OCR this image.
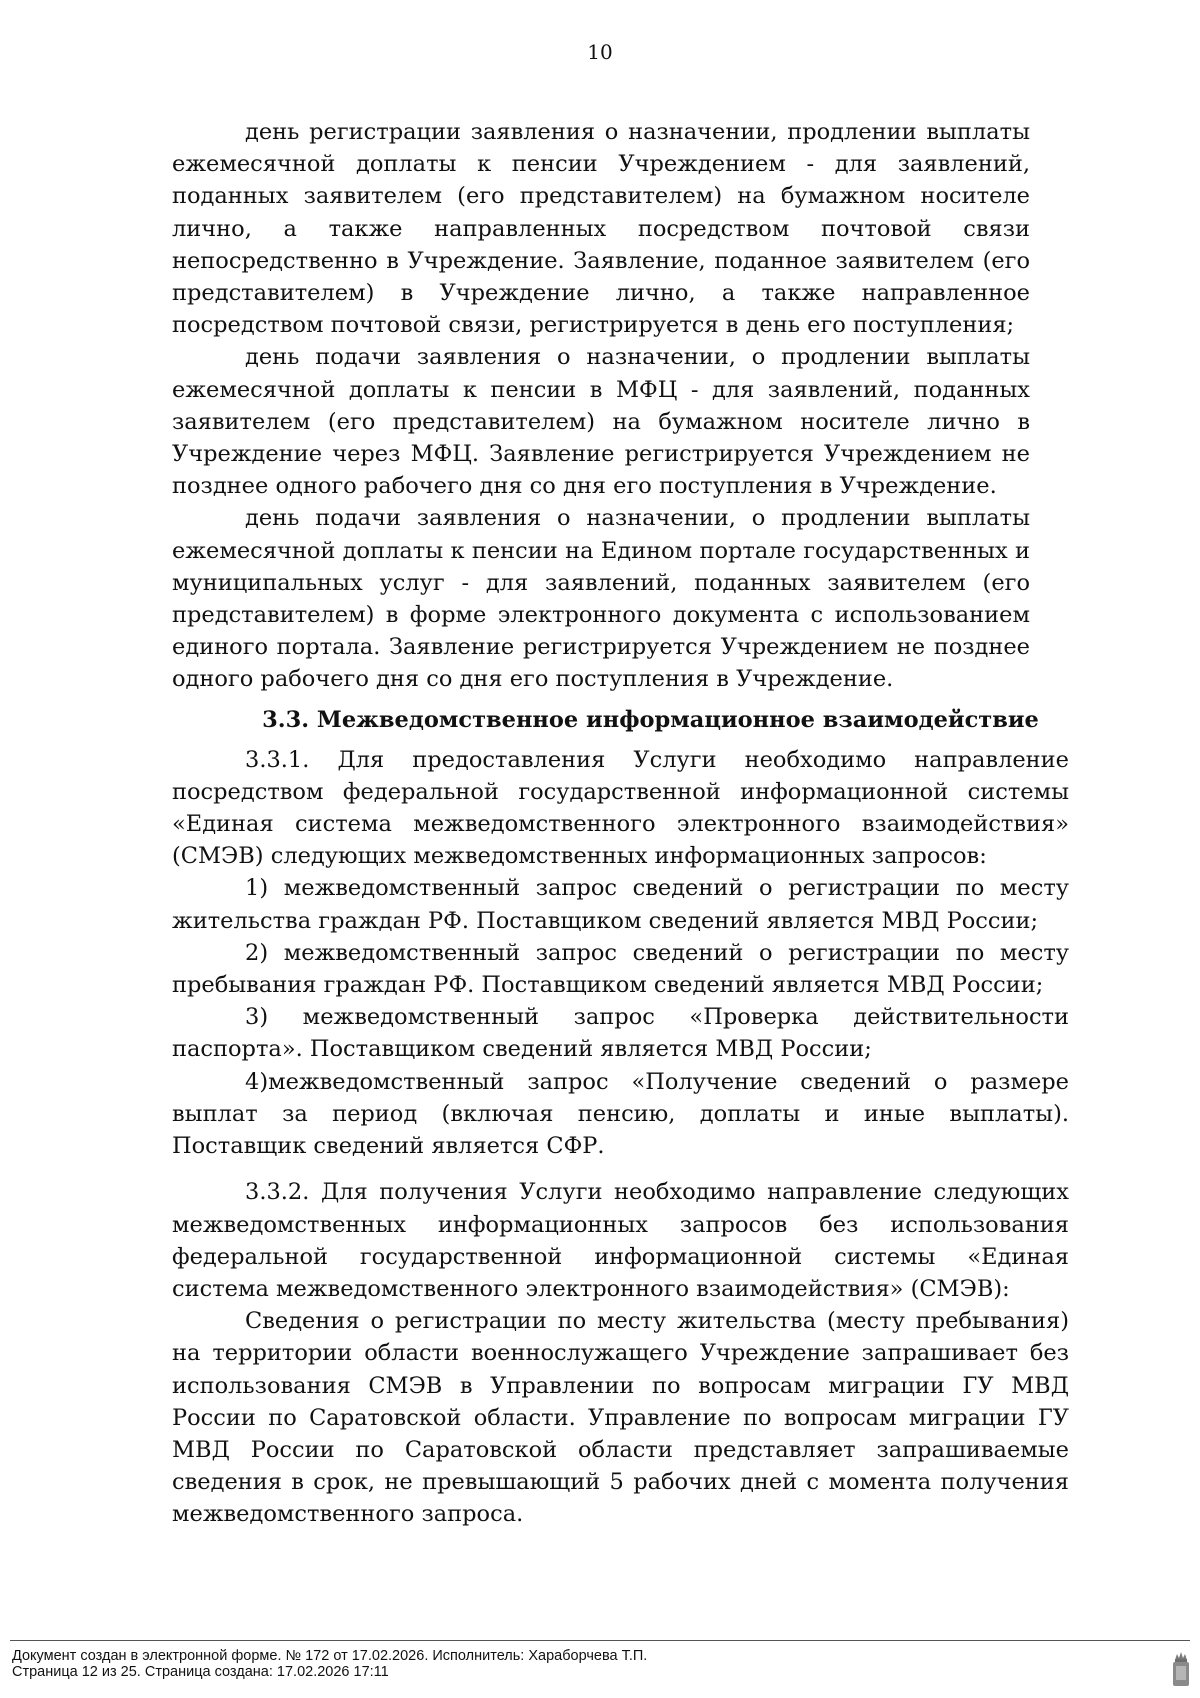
10

день регистрации заявления о назначении, продлении выплаты ежемесячной доплаты к пенсии Учреждением - для заявлений, поданных заявителем (его представителем) на бумажном носителе лично, а также направленных посредством почтовой связи непосредственно в Учреждение. Заявление, поданное заявителем (его представителем) в Учреждение лично, а также направленное посредством почтовой связи, регистрируется в день его поступления;

день подачи заявления о назначении, о продлении выплаты ежемесячной доплаты к пенсии в МФЦ - для заявлений, поданных заявителем (его представителем) на бумажном носителе лично в Учреждение через МФЦ. Заявление регистрируется Учреждением не позднее одного рабочего дня со дня его поступления в Учреждение.

день подачи заявления о назначении, о продлении выплаты ежемесячной доплаты к пенсии на Едином портале государственных и муниципальных услуг - для заявлений, поданных заявителем (его представителем) в форме электронного документа с использованием единого портала. Заявление регистрируется Учреждением не позднее одного рабочего дня со дня его поступления в Учреждение.

3.3. Межведомственное информационное взаимодействие

3.3.1. Для предоставления Услуги необходимо направление посредством федеральной государственной информационной системы «Единая система межведомственного электронного взаимодействия» (СМЭВ) следующих межведомственных информационных запросов:

1) межведомственный запрос сведений о регистрации по месту жительства граждан РФ. Поставщиком сведений является МВД России;

2) межведомственный запрос сведений о регистрации по месту пребывания граждан РФ. Поставщиком сведений является МВД России;

3) межведомственный запрос «Проверка действительности паспорта». Поставщиком сведений является МВД России;

4)межведомственный запрос «Получение сведений о размере выплат за период (включая пенсию, доплаты и иные выплаты). Поставщик сведений является СФР.

3.3.2. Для получения Услуги необходимо направление следующих межведомственных информационных запросов без использования федеральной государственной информационной системы «Единая система межведомственного электронного взаимодействия» (СМЭВ):

Сведения о регистрации по месту жительства (месту пребывания) на территории области военнослужащего Учреждение запрашивает без использования СМЭВ в Управлении по вопросам миграции ГУ МВД России по Саратовской области. Управление по вопросам миграции ГУ МВД России по Саратовской области представляет запрашиваемые сведения в срок, не превышающий 5 рабочих дней с момента получения межведомственного запроса.

Документ создан в электронной форме. № 172 от 17.02.2026. Исполнитель: Харaборчева Т.П.
Страница 12 из 25. Страница создана: 17.02.2026 17:11
